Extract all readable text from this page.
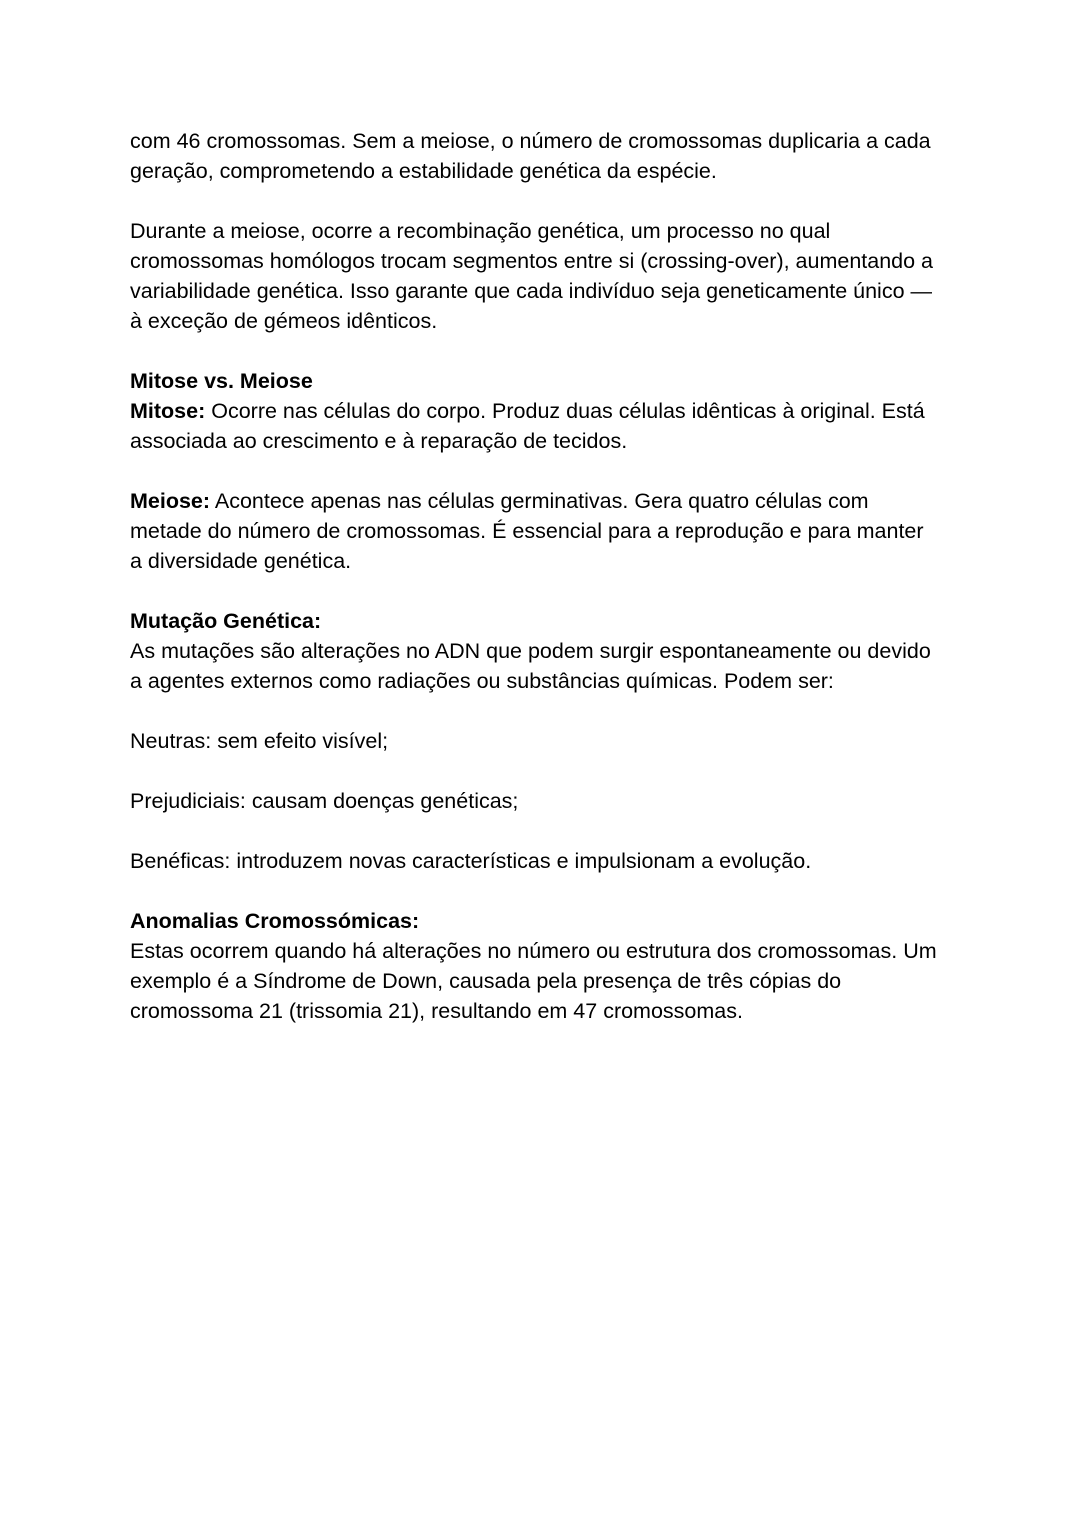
com 46 cromossomas. Sem a meiose, o número de cromossomas duplicaria a cada geração, comprometendo a estabilidade genética da espécie.

Durante a meiose, ocorre a recombinação genética, um processo no qual cromossomas homólogos trocam segmentos entre si (crossing-over), aumentando a variabilidade genética. Isso garante que cada indivíduo seja geneticamente único — à exceção de gémeos idênticos.

Mitose vs. Meiose
Mitose: Ocorre nas células do corpo. Produz duas células idênticas à original. Está associada ao crescimento e à reparação de tecidos.

Meiose: Acontece apenas nas células germinativas. Gera quatro células com metade do número de cromossomas. É essencial para a reprodução e para manter a diversidade genética.

Mutação Genética:
As mutações são alterações no ADN que podem surgir espontaneamente ou devido a agentes externos como radiações ou substâncias químicas. Podem ser:

Neutras: sem efeito visível;

Prejudiciais: causam doenças genéticas;

Benéficas: introduzem novas características e impulsionam a evolução.

Anomalias Cromossómicas:
Estas ocorrem quando há alterações no número ou estrutura dos cromossomas. Um exemplo é a Síndrome de Down, causada pela presença de três cópias do cromossoma 21 (trissomia 21), resultando em 47 cromossomas.
